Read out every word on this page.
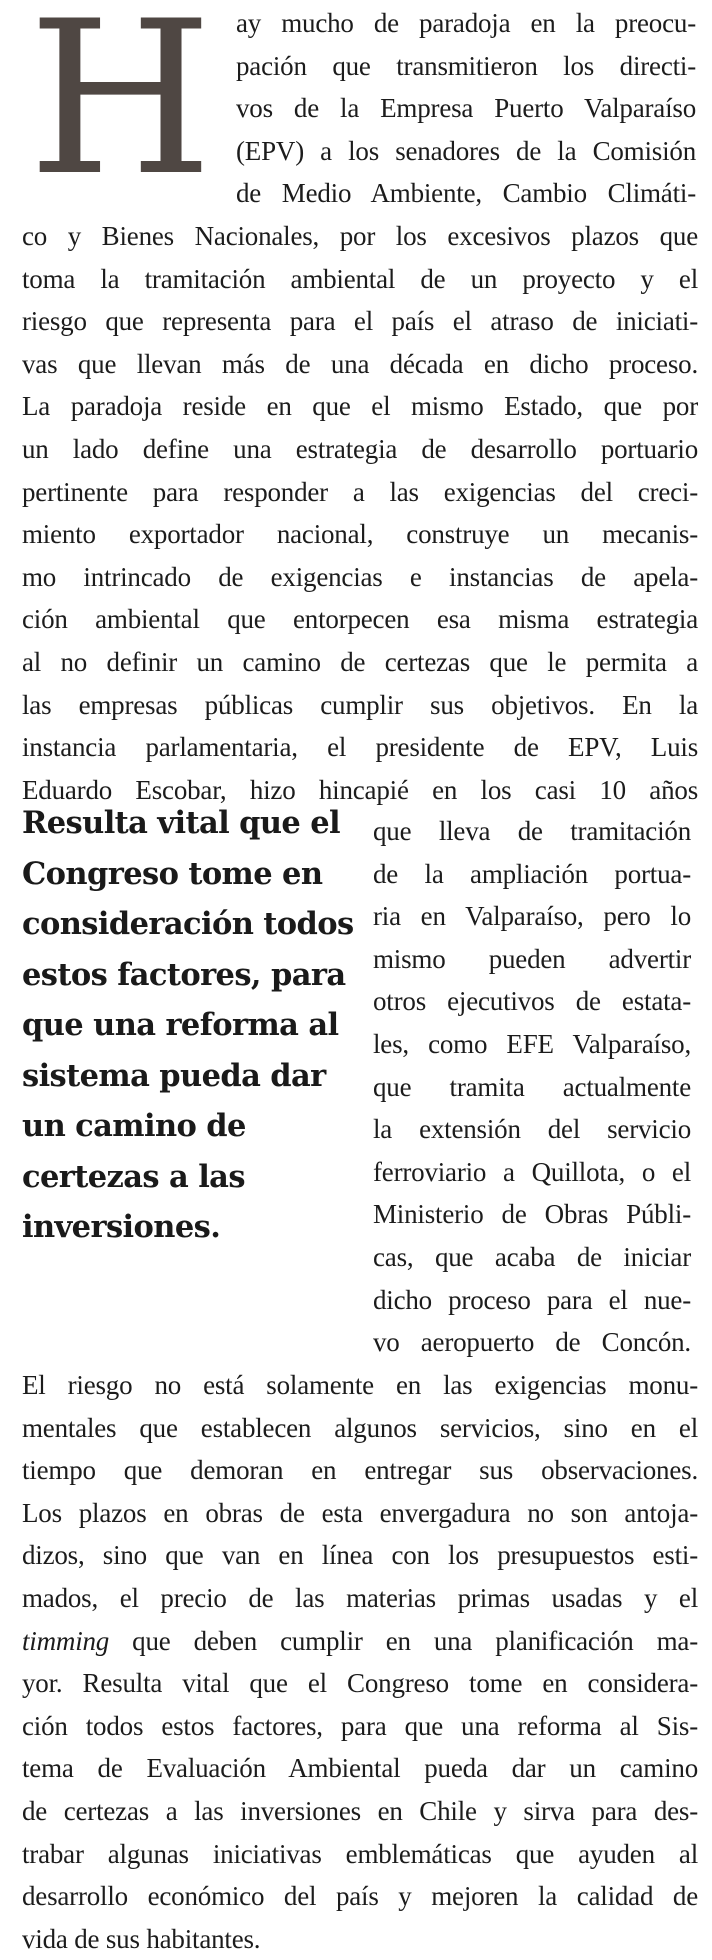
H ay mucho de paradoja en la preocu-
pación que transmitieron los directi-
vos de la Empresa Puerto Valparaíso
(EPV) a los senadores de la Comisión
de Medio Ambiente, Cambio Climáti-
co y Bienes Nacionales, por los excesivos plazos que
toma la tramitación ambiental de un proyecto y el
riesgo que representa para el país el atraso de iniciati-
vas que llevan más de una década en dicho proceso.
La paradoja reside en que el mismo Estado, que por
un lado define una estrategia de desarrollo portuario
pertinente para responder a las exigencias del creci-
miento exportador nacional, construye un mecanis-
mo intrincado de exigencias e instancias de apela-
ción ambiental que entorpecen esa misma estrategia
al no definir un camino de certezas que le permita a
las empresas públicas cumplir sus objetivos. En la
instancia parlamentaria, el presidente de EPV, Luis
Eduardo Escobar, hizo hincapié en los casi 10 años
que lleva de tramitación
de la ampliación portua-
ria en Valparaíso, pero lo
mismo pueden advertir
otros ejecutivos de estata-
les, como EFE Valparaíso,
que tramita actualmente
la extensión del servicio
ferroviario a Quillota, o el
Ministerio de Obras Públi-
cas, que acaba de iniciar
dicho proceso para el nue-
vo aeropuerto de Concón.
Resulta vital que el
Congreso tome en
consideración todos
estos factores, para
que una reforma al
sistema pueda dar
un camino de
certezas a las
inversiones.
El riesgo no está solamente en las exigencias monu-
mentales que establecen algunos servicios, sino en el
tiempo que demoran en entregar sus observaciones.
Los plazos en obras de esta envergadura no son antoja-
dizos, sino que van en línea con los presupuestos esti-
mados, el precio de las materias primas usadas y el
timming que deben cumplir en una planificación ma-
yor. Resulta vital que el Congreso tome en considera-
ción todos estos factores, para que una reforma al Sis-
tema de Evaluación Ambiental pueda dar un camino
de certezas a las inversiones en Chile y sirva para des-
trabar algunas iniciativas emblemáticas que ayuden al
desarrollo económico del país y mejoren la calidad de
vida de sus habitantes.
